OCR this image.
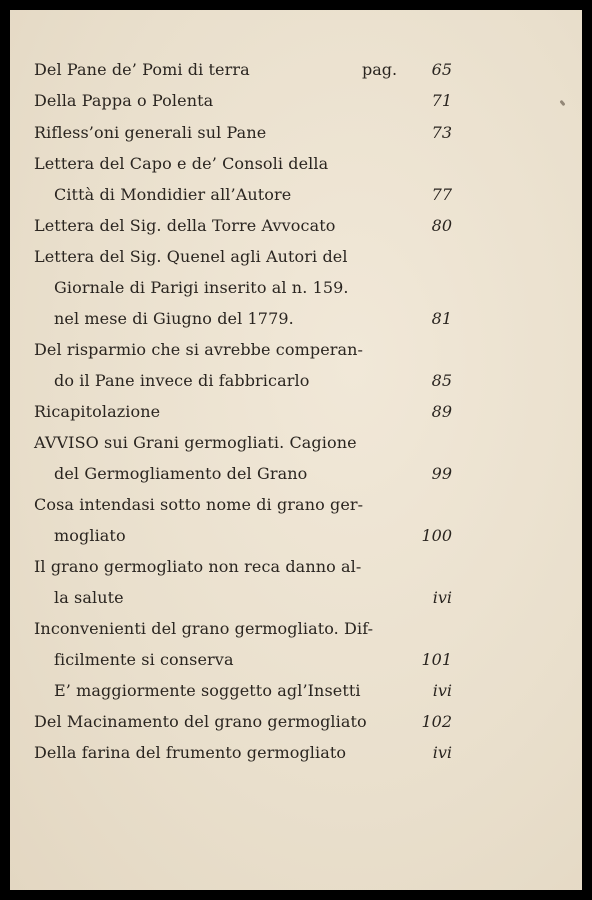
Del Pane de’ Pomi di terra	pag. 65
Della Pappa o Polenta	71
Rifless’oni generali sul Pane	73
Lettera del Capo e de’ Consoli della
Città di Mondidier all’Autore	77
Lettera del Sig. della Torre Avvocato	80
Lettera del Sig. Quenel agli Autori del
Giornale di Parigi inserito al n. 159.
nel mese di Giugno del 1779.	81
Del risparmio che si avrebbe comperan-
do il Pane invece di fabbricarlo	85
Ricapitolazione	89
AVVISO sui Grani germogliati. Cagione
del Germogliamento del Grano	99
Cosa intendasi sotto nome di grano ger-
mogliato	100
Il grano germogliato non reca danno al-
la salute	ivi
Inconvenienti del grano germogliato. Dif-
ficilmente si conserva	101
E’ maggiormente soggetto agl’Insetti	ivi
Del Macinamento del grano germogliato	102
Della farina del frumento germogliato	ivi
